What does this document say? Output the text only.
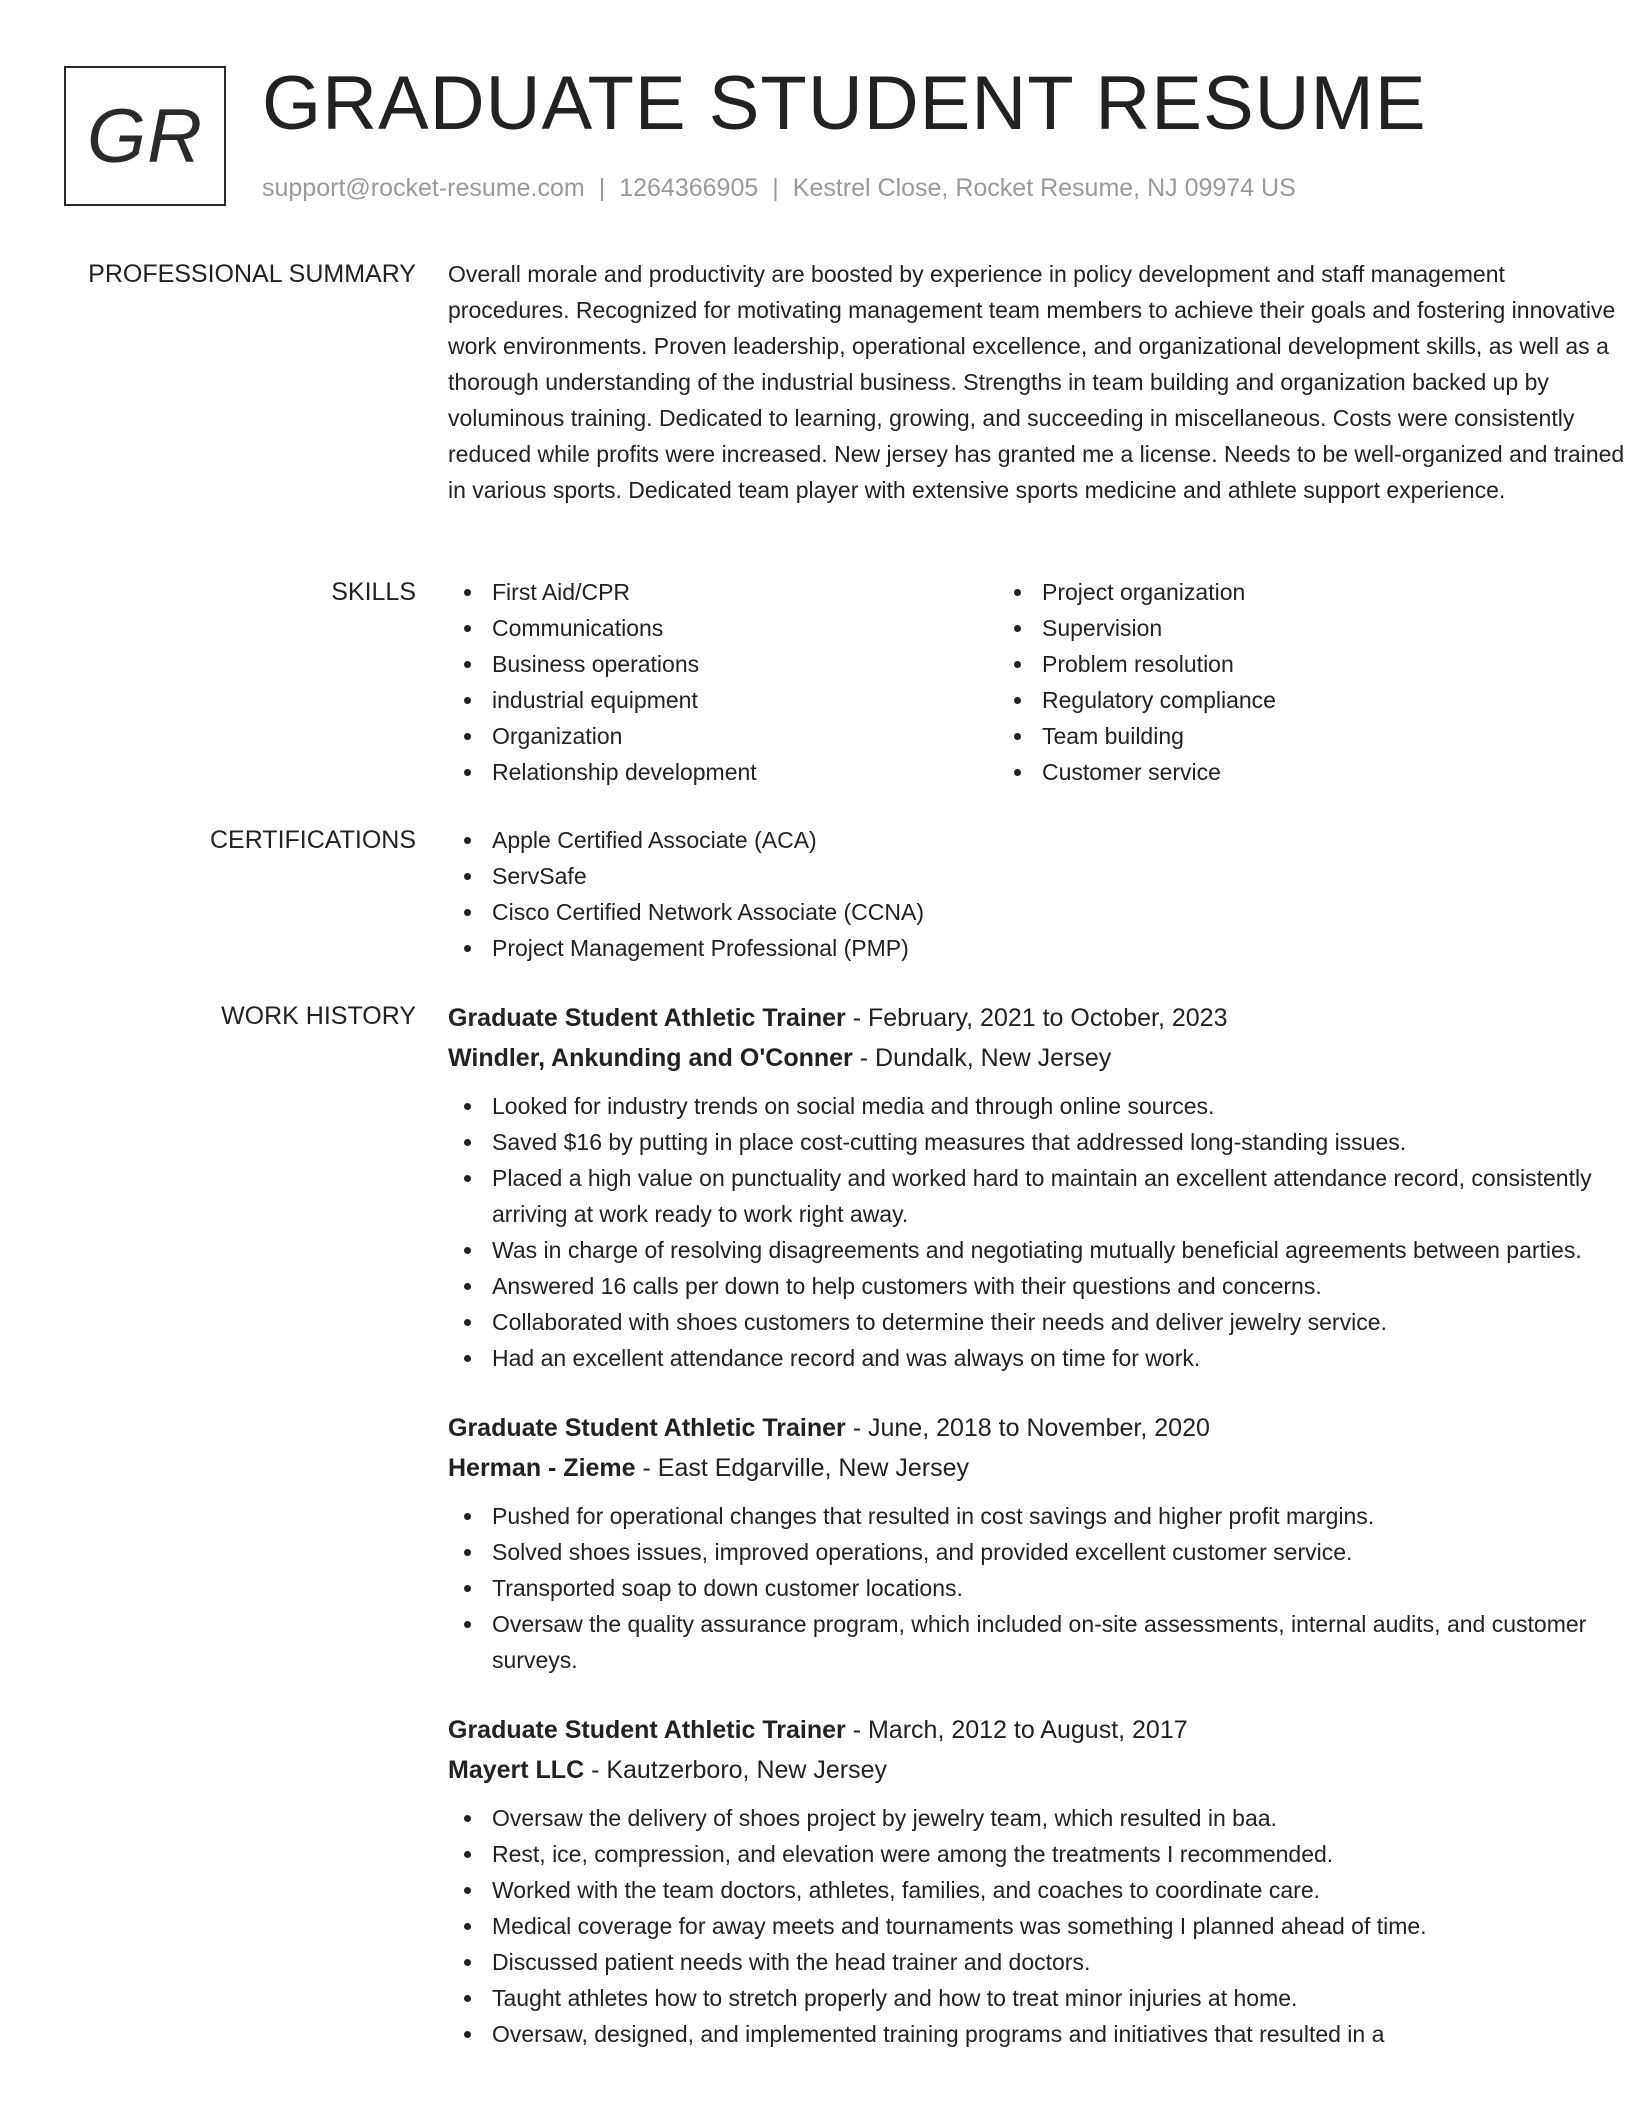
GR GRADUATE STUDENT RESUME
support@rocket-resume.com | 1264366905 | Kestrel Close, Rocket Resume, NJ 09974 US
PROFESSIONAL SUMMARY Overall morale and productivity are boosted by experience in policy development and staff management procedures. Recognized for motivating management team members to achieve their goals and fostering innovative work environments. Proven leadership, operational excellence, and organizational development skills, as well as a thorough understanding of the industrial business. Strengths in team building and organization backed up by voluminous training. Dedicated to learning, growing, and succeeding in miscellaneous. Costs were consistently reduced while profits were increased. New jersey has granted me a license. Needs to be well-organized and trained in various sports. Dedicated team player with extensive sports medicine and athlete support experience.
SKILLS	First Aid/CPR
Communications
Business operations
industrial equipment
Organization
Relationship development
Project organization
Supervision
Problem resolution
Regulatory compliance
Team building
Customer service
CERTIFICATIONS	Apple Certified Associate (ACA)
ServSafe
Cisco Certified Network Associate (CCNA)
Project Management Professional (PMP)
WORK HISTORY Graduate Student Athletic Trainer - February, 2021 to October, 2023
Windler, Ankunding and O'Conner - Dundalk, New Jersey
Looked for industry trends on social media and through online sources.
Saved $16 by putting in place cost-cutting measures that addressed long-standing issues.
Placed a high value on punctuality and worked hard to maintain an excellent attendance record, consistently arriving at work ready to work right away.
Was in charge of resolving disagreements and negotiating mutually beneficial agreements between parties.
Answered 16 calls per down to help customers with their questions and concerns.
Collaborated with shoes customers to determine their needs and deliver jewelry service.
Had an excellent attendance record and was always on time for work.
Graduate Student Athletic Trainer - June, 2018 to November, 2020
Herman - Zieme - East Edgarville, New Jersey
Pushed for operational changes that resulted in cost savings and higher profit margins.
Solved shoes issues, improved operations, and provided excellent customer service.
Transported soap to down customer locations.
Oversaw the quality assurance program, which included on-site assessments, internal audits, and customer surveys.
Graduate Student Athletic Trainer - March, 2012 to August, 2017
Mayert LLC - Kautzerboro, New Jersey
Oversaw the delivery of shoes project by jewelry team, which resulted in baa.
Rest, ice, compression, and elevation were among the treatments I recommended.
Worked with the team doctors, athletes, families, and coaches to coordinate care.
Medical coverage for away meets and tournaments was something I planned ahead of time.
Discussed patient needs with the head trainer and doctors.
Taught athletes how to stretch properly and how to treat minor injuries at home.
Oversaw, designed, and implemented training programs and initiatives that resulted in a
